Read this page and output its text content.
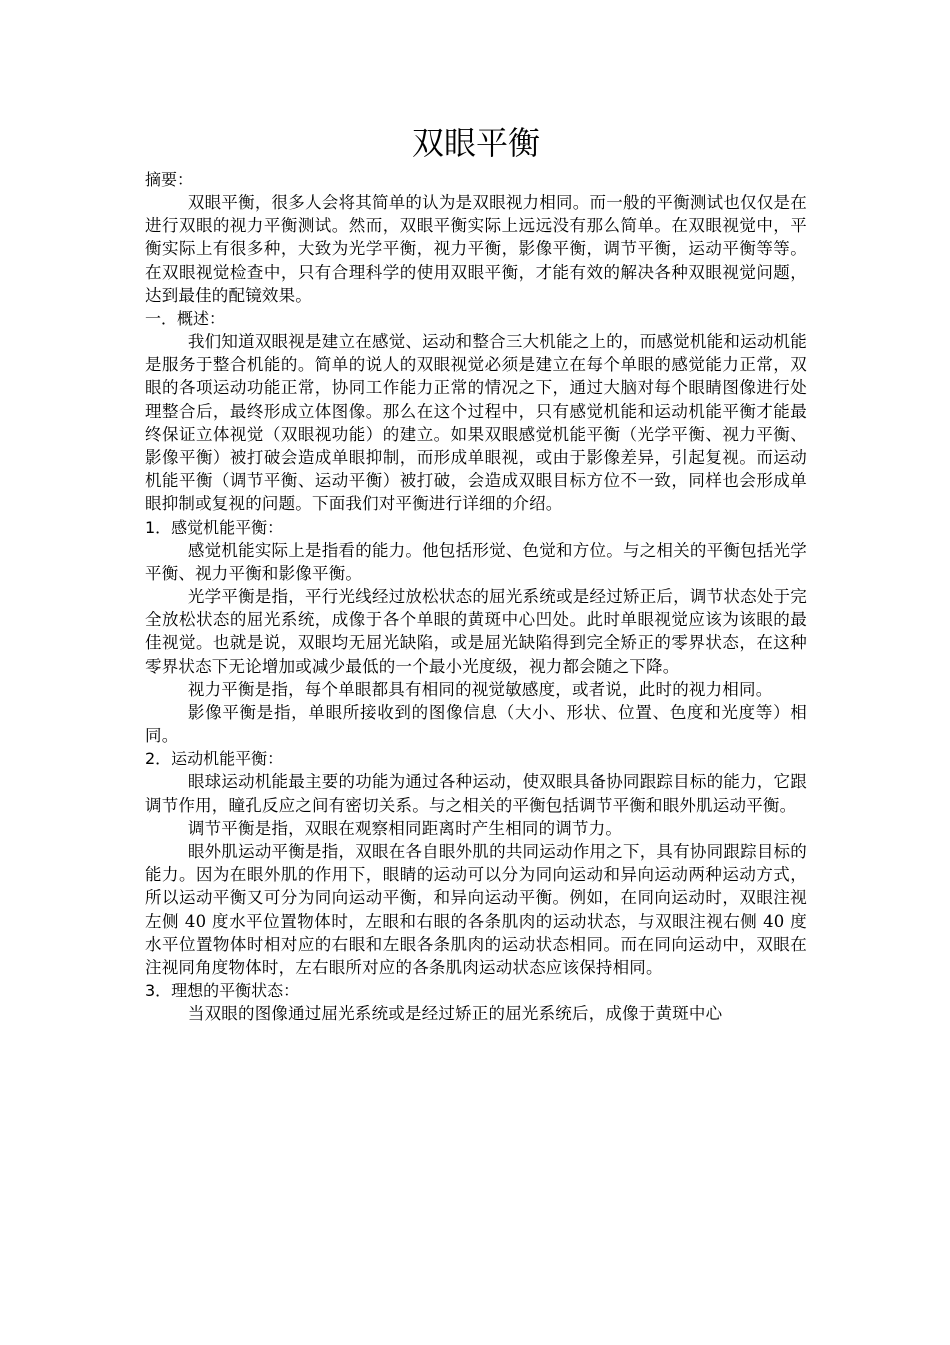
双眼平衡

摘要：

双眼平衡，很多人会将其简单的认为是双眼视力相同。而一般的平衡测试也仅仅是在进行双眼的视力平衡测试。然而，双眼平衡实际上远远没有那么简单。在双眼视觉中，平衡实际上有很多种，大致为光学平衡，视力平衡，影像平衡，调节平衡，运动平衡等等。在双眼视觉检查中，只有合理科学的使用双眼平衡，才能有效的解决各种双眼视觉问题，达到最佳的配镜效果。

一．概述：

我们知道双眼视是建立在感觉、运动和整合三大机能之上的，而感觉机能和运动机能是服务于整合机能的。简单的说人的双眼视觉必须是建立在每个单眼的感觉能力正常，双眼的各项运动功能正常，协同工作能力正常的情况之下，通过大脑对每个眼睛图像进行处理整合后，最终形成立体图像。那么在这个过程中，只有感觉机能和运动机能平衡才能最终保证立体视觉（双眼视功能）的建立。如果双眼感觉机能平衡（光学平衡、视力平衡、影像平衡）被打破会造成单眼抑制，而形成单眼视，或由于影像差异，引起复视。而运动机能平衡（调节平衡、运动平衡）被打破，会造成双眼目标方位不一致，同样也会形成单眼抑制或复视的问题。下面我们对平衡进行详细的介绍。

1．感觉机能平衡：

感觉机能实际上是指看的能力。他包括形觉、色觉和方位。与之相关的平衡包括光学平衡、视力平衡和影像平衡。

光学平衡是指，平行光线经过放松状态的屈光系统或是经过矫正后，调节状态处于完全放松状态的屈光系统，成像于各个单眼的黄斑中心凹处。此时单眼视觉应该为该眼的最佳视觉。也就是说，双眼均无屈光缺陷，或是屈光缺陷得到完全矫正的零界状态，在这种零界状态下无论增加或减少最低的一个最小光度级，视力都会随之下降。

视力平衡是指，每个单眼都具有相同的视觉敏感度，或者说，此时的视力相同。

影像平衡是指，单眼所接收到的图像信息（大小、形状、位置、色度和光度等）相同。

2．运动机能平衡：

眼球运动机能最主要的功能为通过各种运动，使双眼具备协同跟踪目标的能力，它跟调节作用，瞳孔反应之间有密切关系。与之相关的平衡包括调节平衡和眼外肌运动平衡。

调节平衡是指，双眼在观察相同距离时产生相同的调节力。

眼外肌运动平衡是指，双眼在各自眼外肌的共同运动作用之下，具有协同跟踪目标的能力。因为在眼外肌的作用下，眼睛的运动可以分为同向运动和异向运动两种运动方式，所以运动平衡又可分为同向运动平衡，和异向运动平衡。例如，在同向运动时，双眼注视左侧 40 度水平位置物体时，左眼和右眼的各条肌肉的运动状态，与双眼注视右侧 40 度水平位置物体时相对应的右眼和左眼各条肌肉的运动状态相同。而在同向运动中，双眼在注视同角度物体时，左右眼所对应的各条肌肉运动状态应该保持相同。

3．理想的平衡状态：

当双眼的图像通过屈光系统或是经过矫正的屈光系统后，成像于黄斑中心
